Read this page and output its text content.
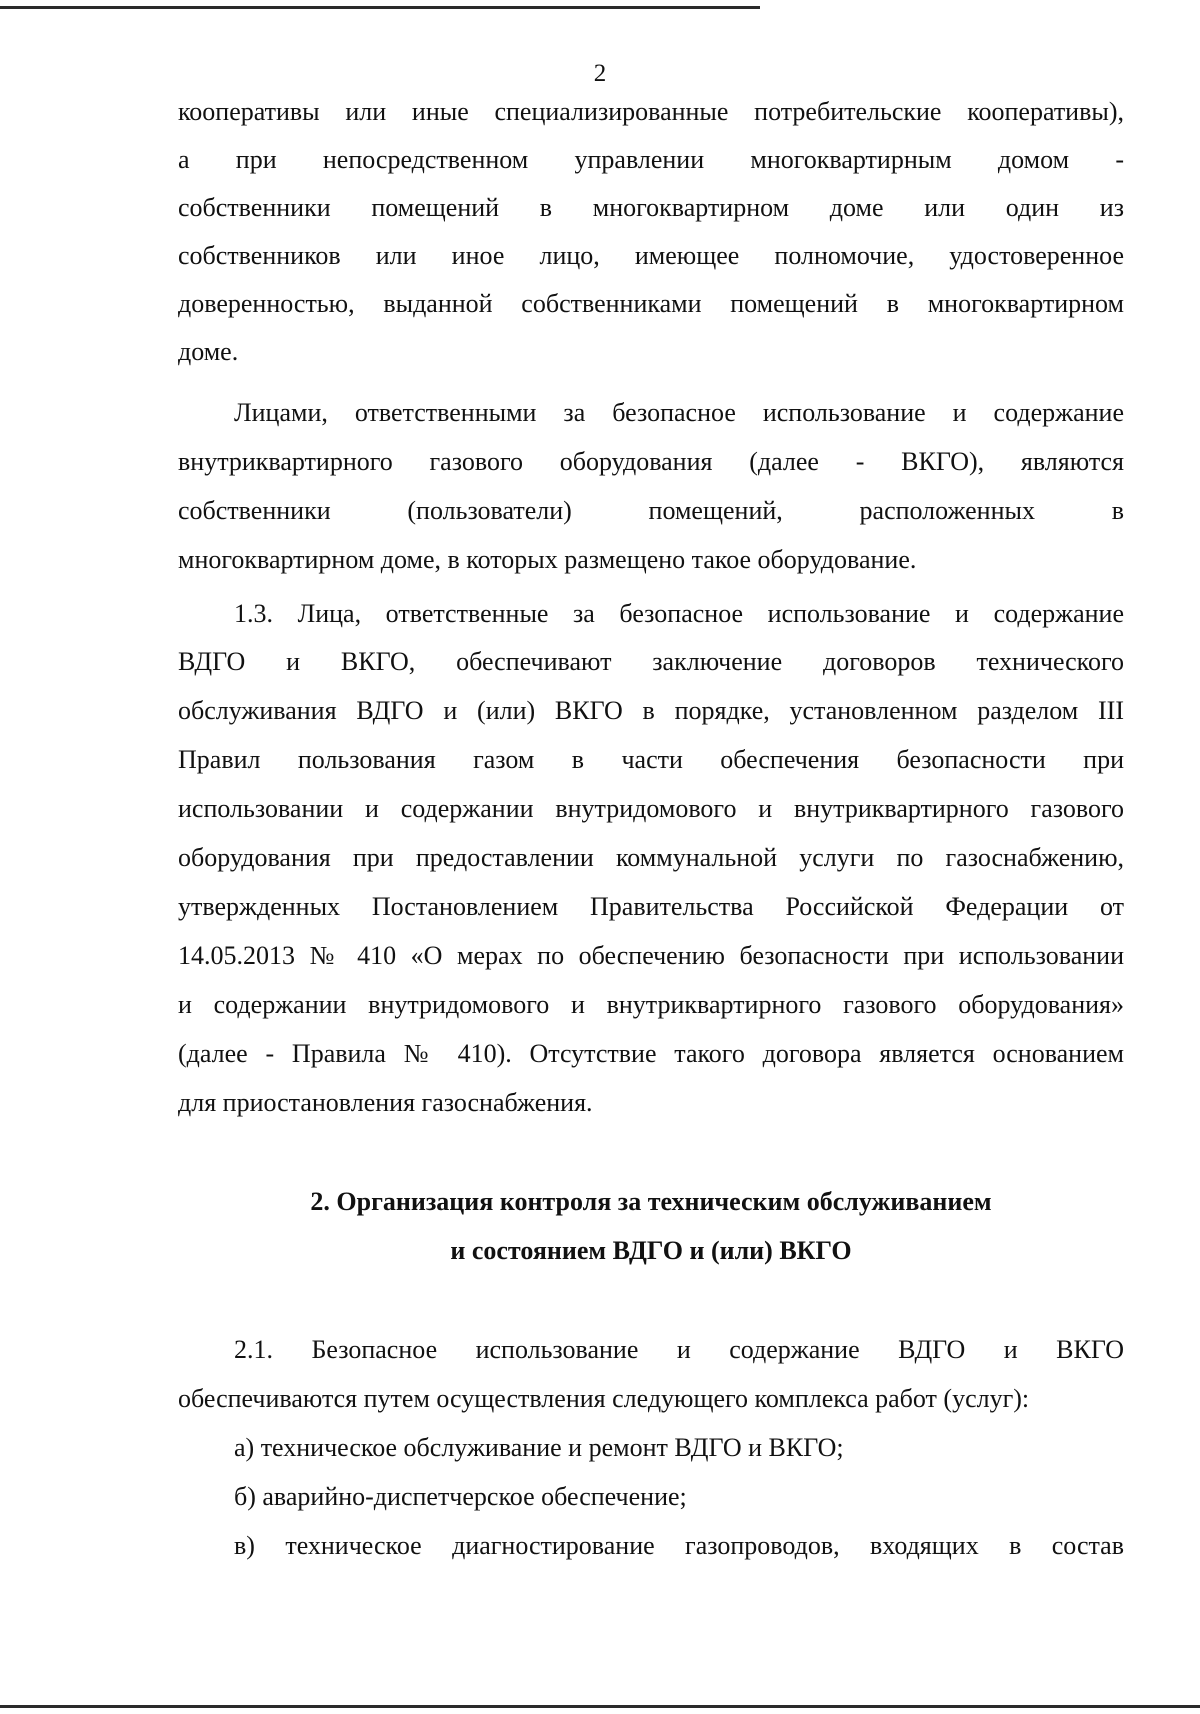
2
кооперативы или иные специализированные потребительские кооперативы),
а при непосредственном управлении многоквартирным домом -
собственники помещений в многоквартирном доме или один из
собственников или иное лицо, имеющее полномочие, удостоверенное
доверенностью, выданной собственниками помещений в многоквартирном
доме.
Лицами, ответственными за безопасное использование и содержание
внутриквартирного газового оборудования (далее - ВКГО), являются
собственники (пользователи) помещений, расположенных в
многоквартирном доме, в которых размещено такое оборудование.
1.3. Лица, ответственные за безопасное использование и содержание
ВДГО и ВКГО, обеспечивают заключение договоров технического
обслуживания ВДГО и (или) ВКГО в порядке, установленном разделом III
Правил пользования газом в части обеспечения безопасности при
использовании и содержании внутридомового и внутриквартирного газового
оборудования при предоставлении коммунальной услуги по газоснабжению,
утвержденных Постановлением Правительства Российской Федерации от
14.05.2013 № 410 «О мерах по обеспечению безопасности при использовании
и содержании внутридомового и внутриквартирного газового оборудования»
(далее - Правила № 410). Отсутствие такого договора является основанием
для приостановления газоснабжения.
2. Организация контроля за техническим обслуживанием
и состоянием ВДГО и (или) ВКГО
2.1. Безопасное использование и содержание ВДГО и ВКГО
обеспечиваются путем осуществления следующего комплекса работ (услуг):
а) техническое обслуживание и ремонт ВДГО и ВКГО;
б) аварийно-диспетчерское обеспечение;
в) техническое диагностирование газопроводов, входящих в состав
